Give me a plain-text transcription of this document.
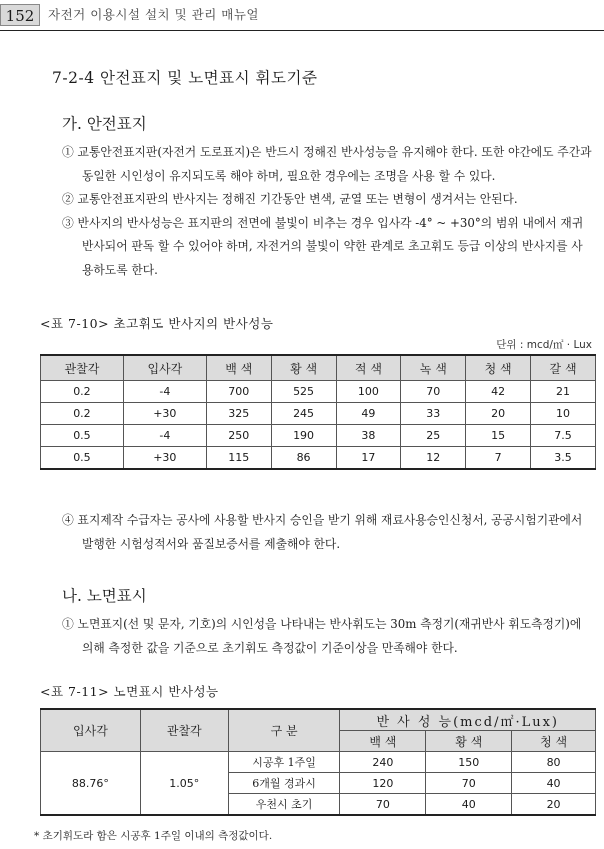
152	자전거 이용시설 설치 및 관리 매뉴얼
7-2-4 안전표지 및 노면표시 휘도기준
가. 안전표지
① 교통안전표지판(자전거 도로표지)은 반드시 정해진 반사성능을 유지해야 한다. 또한 야간에도 주간과 동일한 시인성이 유지되도록 해야 하며, 필요한 경우에는 조명을 사용 할 수 있다.
② 교통안전표지판의 반사지는 정해진 기간동안 변색, 균열 또는 변형이 생겨서는 안된다.
③ 반사지의 반사성능은 표지판의 전면에 불빛이 비추는 경우 입사각 -4° ~ +30°의 범위 내에서 재귀 반사되어 판독 할 수 있어야 하며, 자전거의 불빛이 약한 관계로 초고휘도 등급 이상의 반사지를 사용하도록 한다.
<표 7-10> 초고휘도 반사지의 반사성능
단위 : mcd/㎡ · Lux
관찰각	입사각	백 색	황 색	적 색	녹 색	청 색	갈 색
0.2	-4	700	525	100	70	42	21
0.2	+30	325	245	49	33	20	10
0.5	-4	250	190	38	25	15	7.5
0.5	+30	115	86	17	12	7	3.5
④ 표지제작 수급자는 공사에 사용할 반사지 승인을 받기 위해 재료사용승인신청서, 공공시험기관에서 발행한 시험성적서와 품질보증서를 제출해야 한다.
나. 노면표시
① 노면표지(선 및 문자, 기호)의 시인성을 나타내는 반사휘도는 30m 측정기(재귀반사 휘도측정기)에 의해 측정한 값을 기준으로 초기휘도 측정값이 기준이상을 만족해야 한다.
<표 7-11> 노면표시 반사성능
입사각	관찰각	구 분	반 사 성 능(mcd/㎡·Lux)		
			백 색	황 색	청 색
88.76°	1.05°	시공후 1주일	240	150	80
		6개월 경과시	120	70	40
		우천시 초기	70	40	20
* 초기휘도라 함은 시공후 1주일 이내의 측정값이다.
